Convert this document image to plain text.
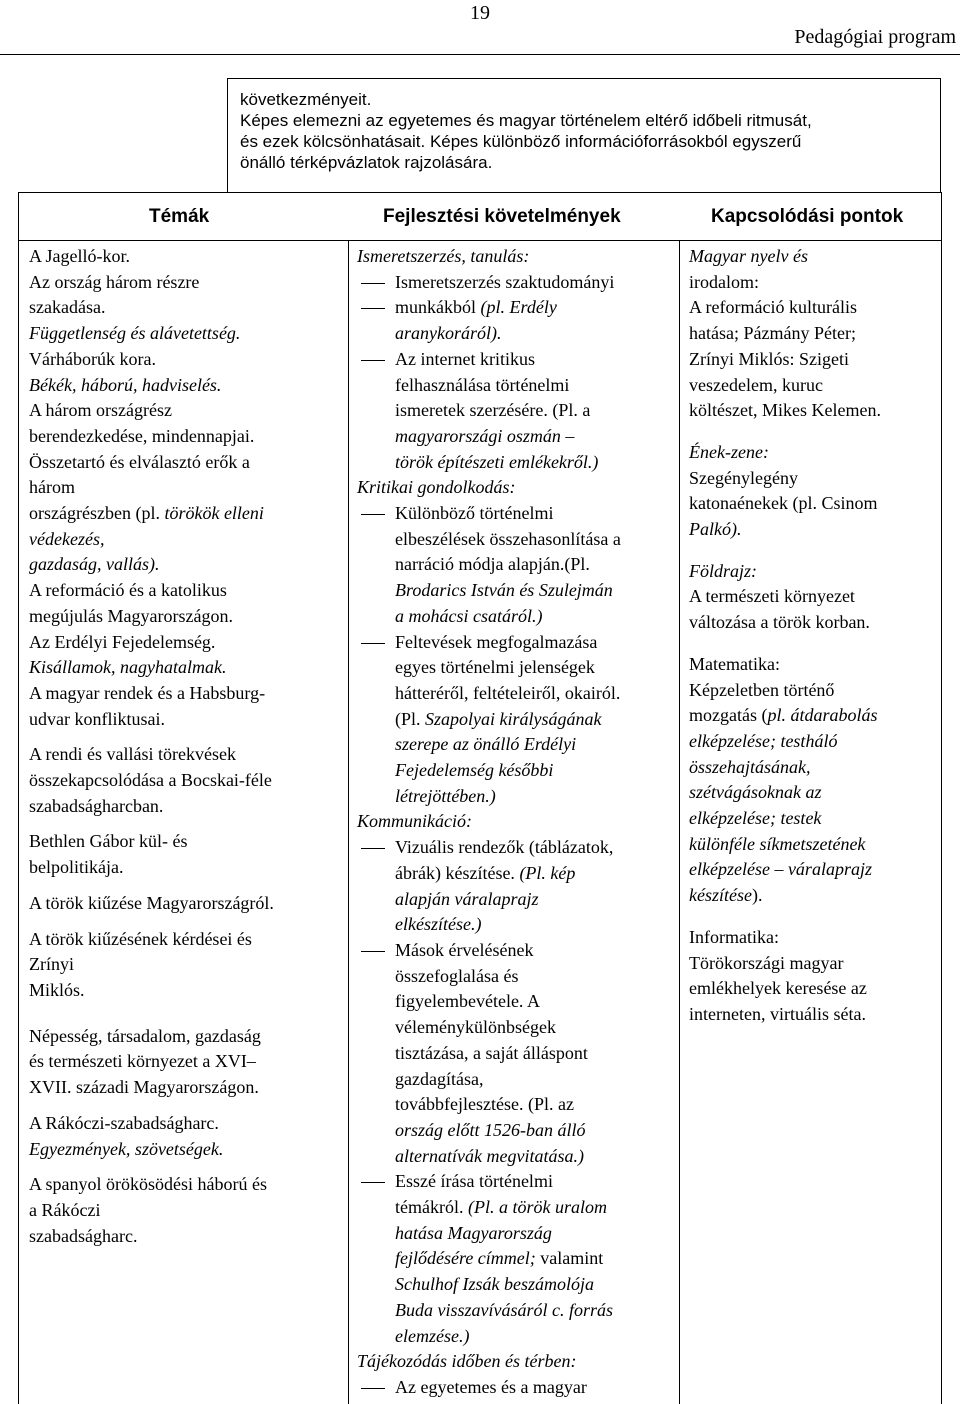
19
Pedagógiai program
következményeit.
Képes elemezni az egyetemes és magyar történelem eltérő időbeli ritmusát,
és ezek kölcsönhatásait. Képes különböző információforrásokból egyszerű
önálló térképvázlatok rajzolására.
Témák	Fejlesztési követelmények	Kapcsolódási pontok

A Jagelló-kor.

Az ország három részre

szakadása.

Függetlenség és alávetettség.

Várháborúk kora.

Békék, háború, hadviselés.

A három országrész

berendezkedése, mindennapjai.

Összetartó és elválasztó erők a

három

országrészben (pl. törökök elleni

védekezés,

gazdaság, vallás).

A reformáció és a katolikus

megújulás Magyarországon.

Az Erdélyi Fejedelemség.

Kisállamok, nagyhatalmak.

A magyar rendek és a Habsburg-

udvar konfliktusai.

A rendi és vallási törekvések

összekapcsolódása a Bocskai-féle

szabadságharcban.

Bethlen Gábor kül- és

belpolitikája.

A török kiűzése Magyarországról.

A török kiűzésének kérdései és

Zrínyi

Miklós.

Népesség, társadalom, gazdaság

és természeti környezet a XVI–

XVII. századi Magyarországon.

A Rákóczi-szabadságharc.

Egyezmények, szövetségek.

A spanyol örökösödési háború és

a Rákóczi

szabadságharc.

Ismeretszerzés, tanulás:

Ismeretszerzés szaktudományi

munkákból (pl. Erdély

aranykoráról).

Az internet kritikus

felhasználása történelmi

ismeretek szerzésére. (Pl. a

magyarországi oszmán –

török építészeti emlékekről.)

Kritikai gondolkodás:

Különböző történelmi

elbeszélések összehasonlítása a

narráció módja alapján.(Pl.

Brodarics István és Szulejmán

a mohácsi csatáról.)

Feltevések megfogalmazása

egyes történelmi jelenségek

hátteréről, feltételeiről, okairól.

(Pl. Szapolyai királyságának

szerepe az önálló Erdélyi

Fejedelemség későbbi

létrejöttében.)

Kommunikáció:

Vizuális rendezők (táblázatok,

ábrák) készítése. (Pl. kép

alapján váralaprajz

elkészítése.)

Mások érvelésének

összefoglalása és

figyelembevétele. A

véleménykülönbségek

tisztázása, a saját álláspont

gazdagítása,

továbbfejlesztése. (Pl. az

ország előtt 1526-ban álló

alternatívák megvitatása.)

Esszé írása történelmi

témákról. (Pl. a török uralom

hatása Magyarország

fejlődésére címmel; valamint

Schulhof Izsák beszámolója

Buda visszavívásáról c. forrás

elemzése.)

Tájékozódás időben és térben:

Az egyetemes és a magyar

Magyar nyelv és

irodalom:

A reformáció kulturális

hatása; Pázmány Péter;

Zrínyi Miklós: Szigeti

veszedelem, kuruc

költészet, Mikes Kelemen.

Ének-zene:

Szegénylegény

katonaénekek (pl. Csinom

Palkó).

Földrajz:

A természeti környezet

változása a török korban.

Matematika:

Képzeletben történő

mozgatás (pl. átdarabolás

elképzelése; testháló

összehajtásának,

szétvágásoknak az

elképzelése; testek

különféle síkmetszetének

elképzelése – váralaprajz

készítése).

Informatika:

Törökországi magyar

emlékhelyek keresése az

interneten, virtuális séta.
